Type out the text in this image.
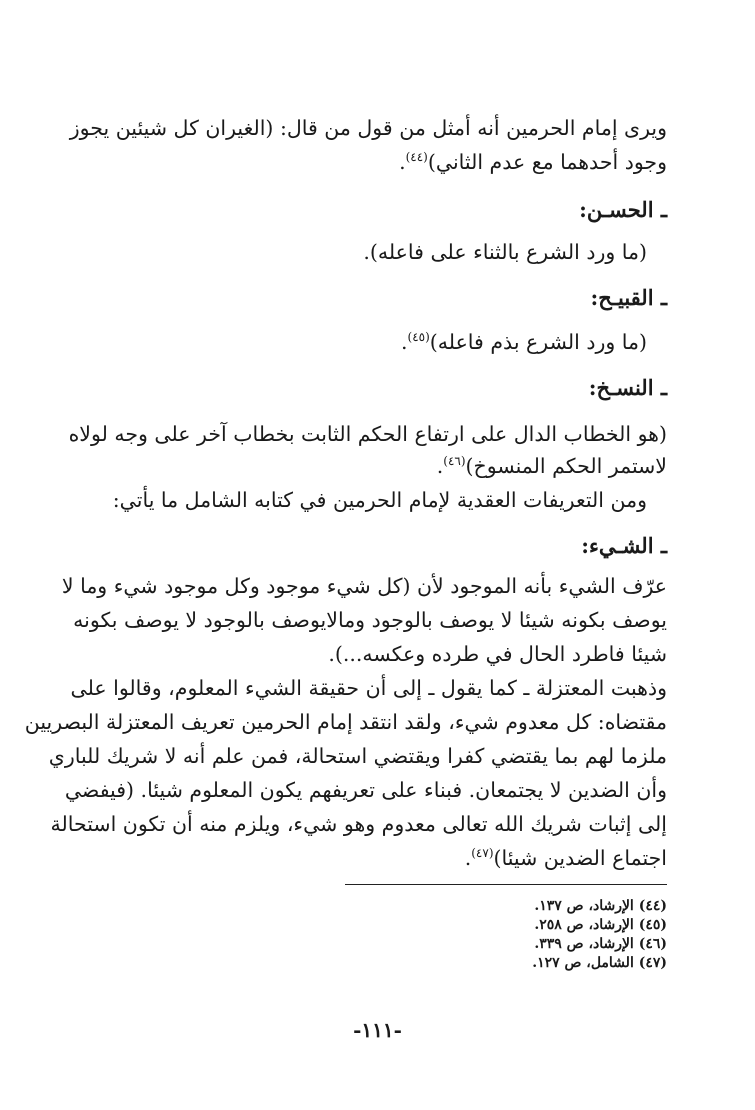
ويرى إمام الحرمين أنه أمثل من قول من قال: (الغيران كل شيئين يجوز
وجود أحدهما مع عدم الثاني)$^{(٤٤)}$.
ـ الحسـن:
(ما ورد الشرع بالثناء على فاعله).
ـ القبيـح:
(ما ورد الشرع بذم فاعله)$^{(٤٥)}$.
ـ النسـخ:
(هو الخطاب الدال على ارتفاع الحكم الثابت بخطاب آخر على وجه لولاه
لاستمر الحكم المنسوخ)$^{(٤٦)}$.
ومن التعريفات العقدية لإمام الحرمين في كتابه الشامل ما يأتي:
ـ الشـيء:
عرّف الشيء بأنه الموجود لأن (كل شيء موجود وكل موجود شيء وما لا
يوصف بكونه شيئا لا يوصف بالوجود ومالايوصف بالوجود لا يوصف بكونه
شيئا فاطرد الحال في طرده وعكسه...).
وذهبت المعتزلة ـ كما يقول ـ إلى أن حقيقة الشيء المعلوم، وقالوا على
مقتضاه: كل معدوم شيء، ولقد انتقد إمام الحرمين تعريف المعتزلة البصريين
ملزما لهم بما يقتضي كفرا ويقتضي استحالة، فمن علم أنه لا شريك للباري
وأن الضدين لا يجتمعان. فبناء على تعريفهم يكون المعلوم شيئا. (فيفضي
إلى إثبات شريك الله تعالى معدوم وهو شيء، ويلزم منه أن تكون استحالة
اجتماع الضدين شيئا)$^{(٤٧)}$.
(٤٤) الإرشاد، ص ١٣٧.
(٤٥) الإرشاد، ص ٢٥٨.
(٤٦) الإرشاد، ص ٣٣٩.
(٤٧) الشامل، ص ١٢٧.
-١١١-
